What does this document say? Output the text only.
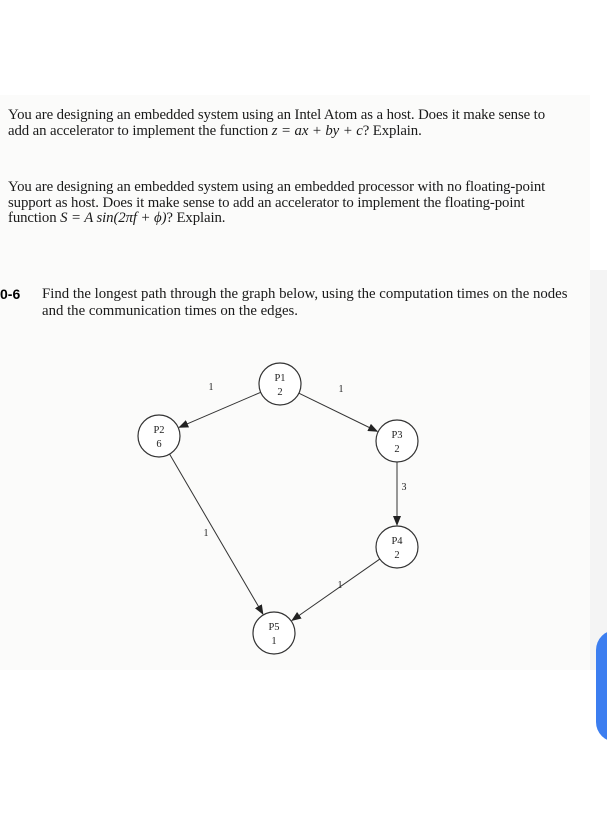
You are designing an embedded system using an Intel Atom as a host. Does it make sense to add an accelerator to implement the function z = ax + by + c? Explain.

You are designing an embedded system using an embedded processor with no floating-point support as host. Does it make sense to add an accelerator to implement the floating-point function S = A sin(2πf + ϕ)? Explain.

0-6 Find the longest path through the graph below, using the computation times on the nodes and the communication times on the edges.

1	1
3
1
1
P1
2
P2
6
P3
2
P4
2
P5
1
